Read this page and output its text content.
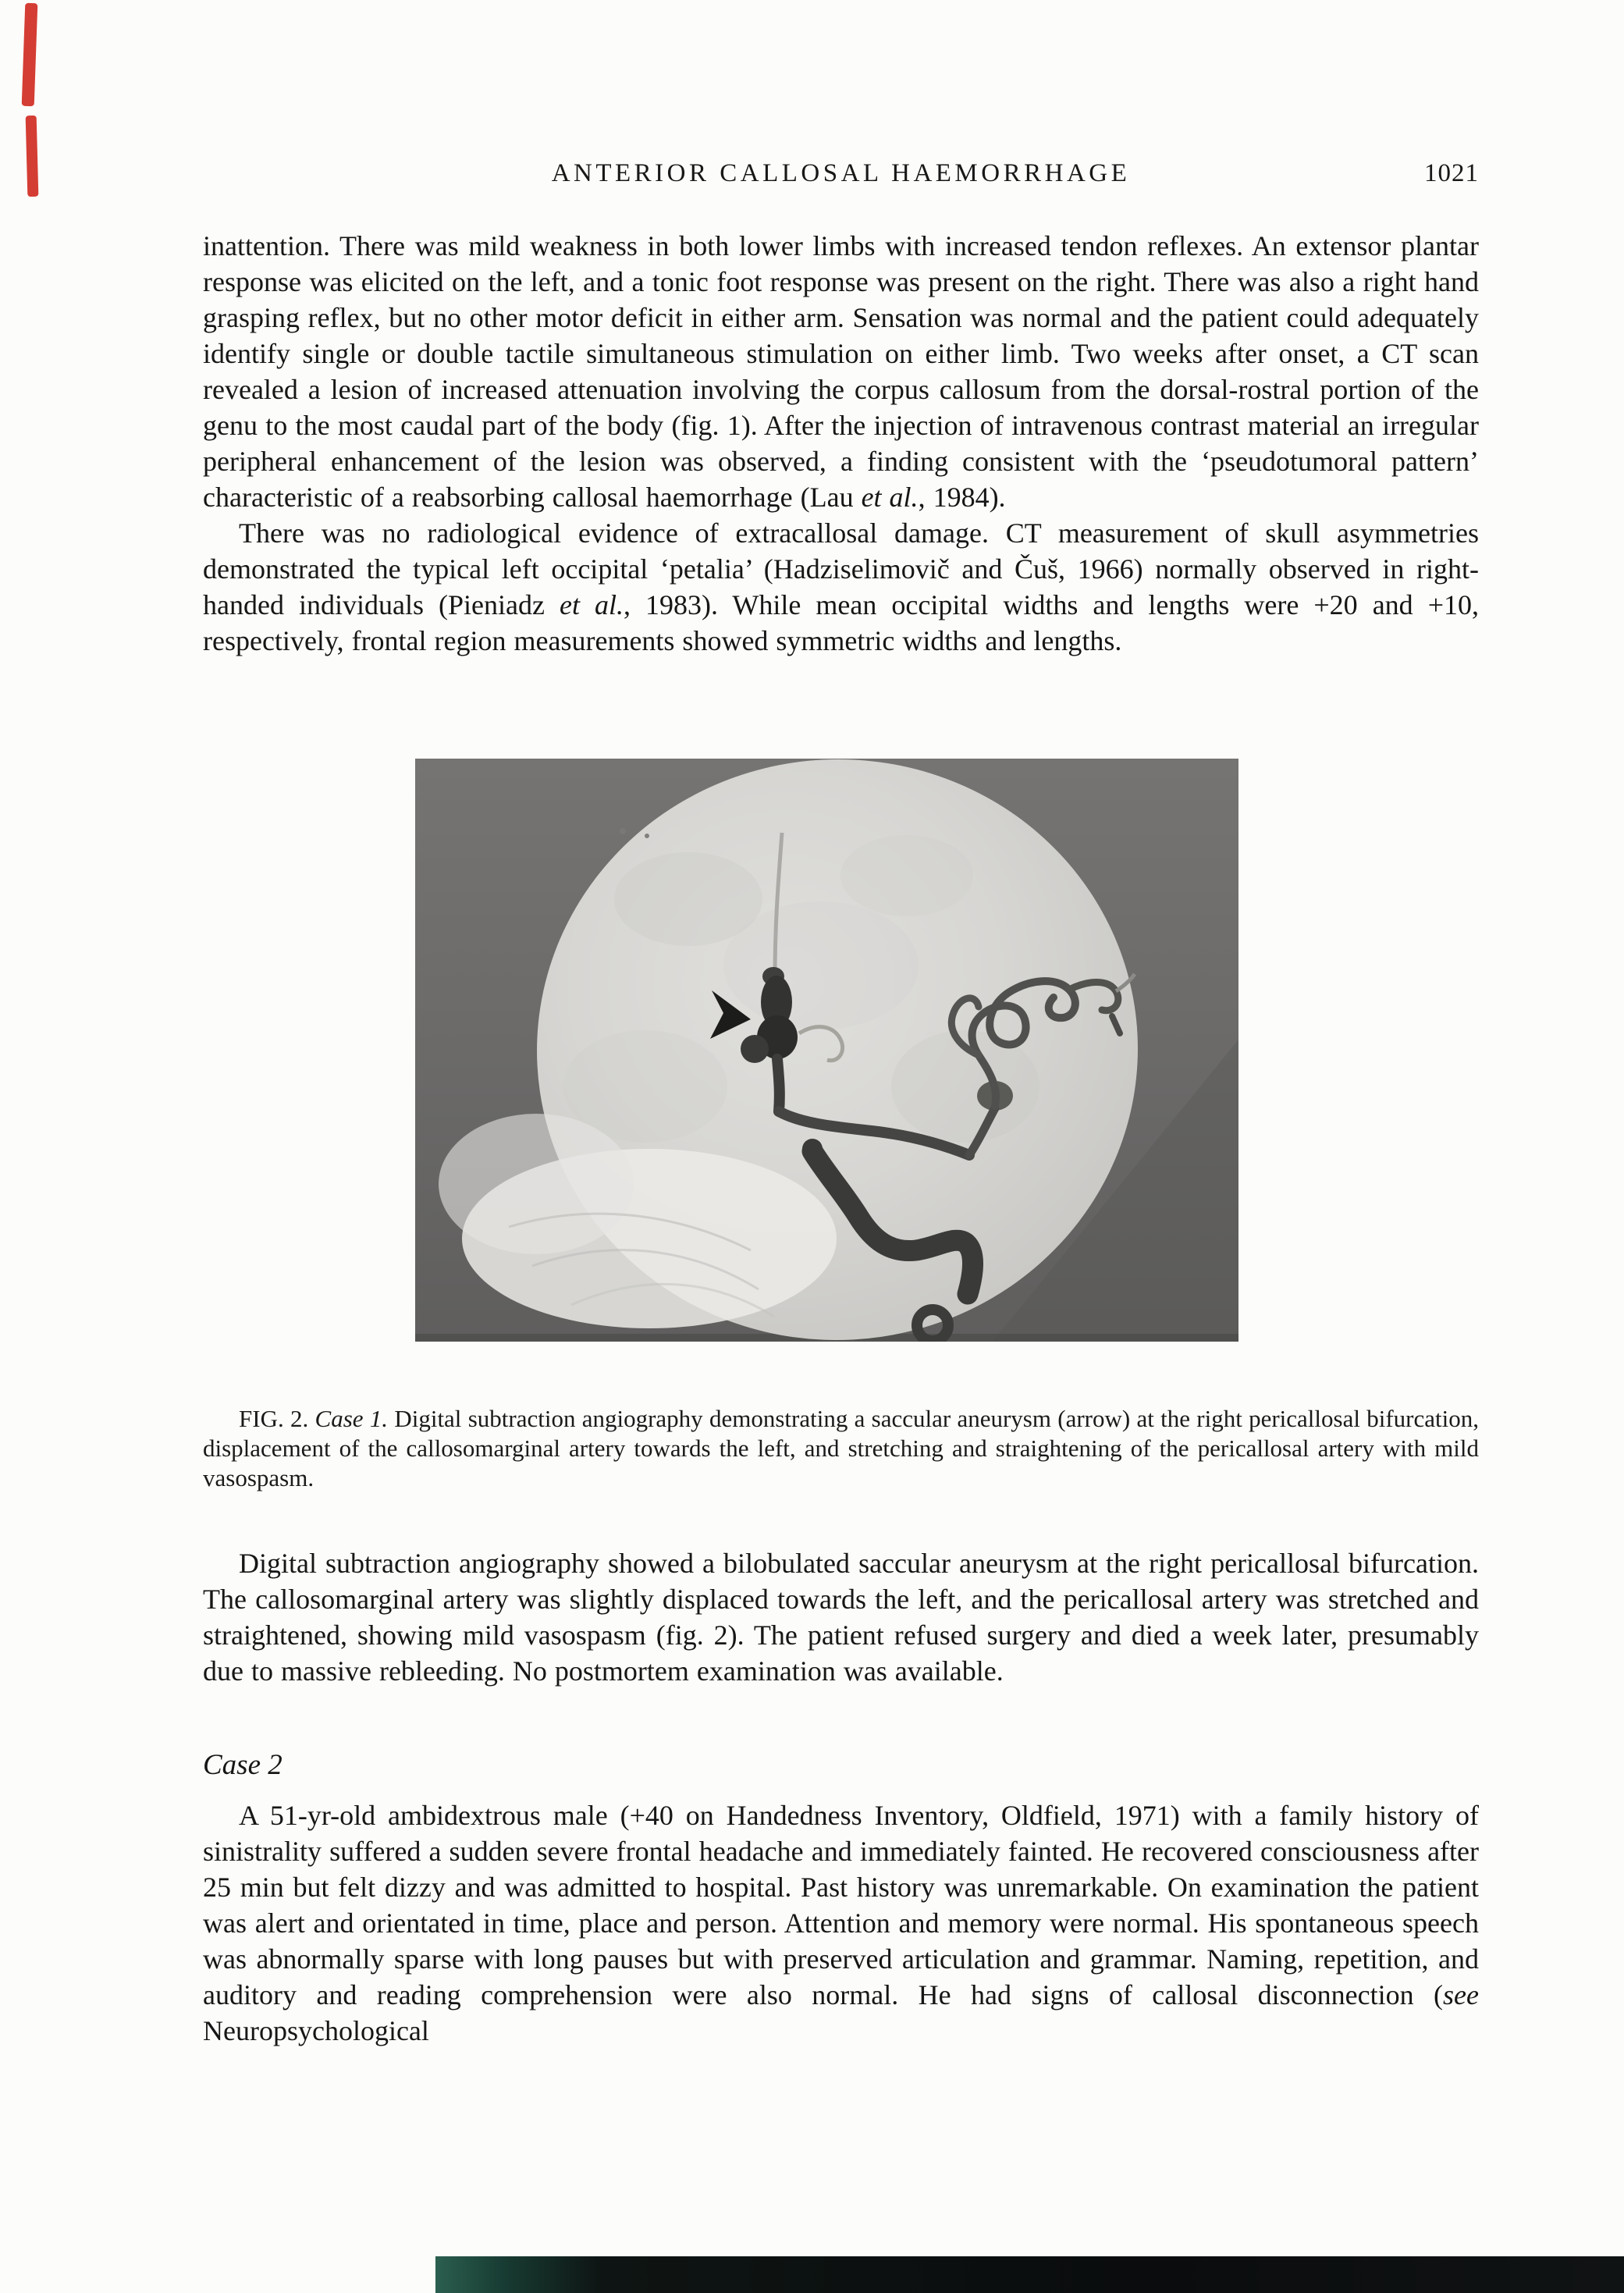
ANTERIOR CALLOSAL HAEMORRHAGE	1021

inattention. There was mild weakness in both lower limbs with increased tendon reflexes. An extensor plantar response was elicited on the left, and a tonic foot response was present on the right. There was also a right hand grasping reflex, but no other motor deficit in either arm. Sensation was normal and the patient could adequately identify single or double tactile simultaneous stimulation on either limb. Two weeks after onset, a CT scan revealed a lesion of increased attenuation involving the corpus callosum from the dorsal-rostral portion of the genu to the most caudal part of the body (fig. 1). After the injection of intravenous contrast material an irregular peripheral enhancement of the lesion was observed, a finding consistent with the ‘pseudotumoral pattern’ characteristic of a reabsorbing callosal haemorrhage (Lau et al., 1984).

There was no radiological evidence of extracallosal damage. CT measurement of skull asymmetries demonstrated the typical left occipital ‘petalia’ (Hadziselimovič and Čuš, 1966) normally observed in right-handed individuals (Pieniadz et al., 1983). While mean occipital widths and lengths were +20 and +10, respectively, frontal region measurements showed symmetric widths and lengths.

FIG. 2. Case 1. Digital subtraction angiography demonstrating a saccular aneurysm (arrow) at the right pericallosal bifurcation, displacement of the callosomarginal artery towards the left, and stretching and straightening of the pericallosal artery with mild vasospasm.

Digital subtraction angiography showed a bilobulated saccular aneurysm at the right pericallosal bifurcation. The callosomarginal artery was slightly displaced towards the left, and the pericallosal artery was stretched and straightened, showing mild vasospasm (fig. 2). The patient refused surgery and died a week later, presumably due to massive rebleeding. No postmortem examination was available.

Case 2

A 51-yr-old ambidextrous male (+40 on Handedness Inventory, Oldfield, 1971) with a family history of sinistrality suffered a sudden severe frontal headache and immediately fainted. He recovered consciousness after 25 min but felt dizzy and was admitted to hospital. Past history was unremarkable. On examination the patient was alert and orientated in time, place and person. Attention and memory were normal. His spontaneous speech was abnormally sparse with long pauses but with preserved articulation and grammar. Naming, repetition, and auditory and reading comprehension were also normal. He had signs of callosal disconnection (see Neuropsychological
